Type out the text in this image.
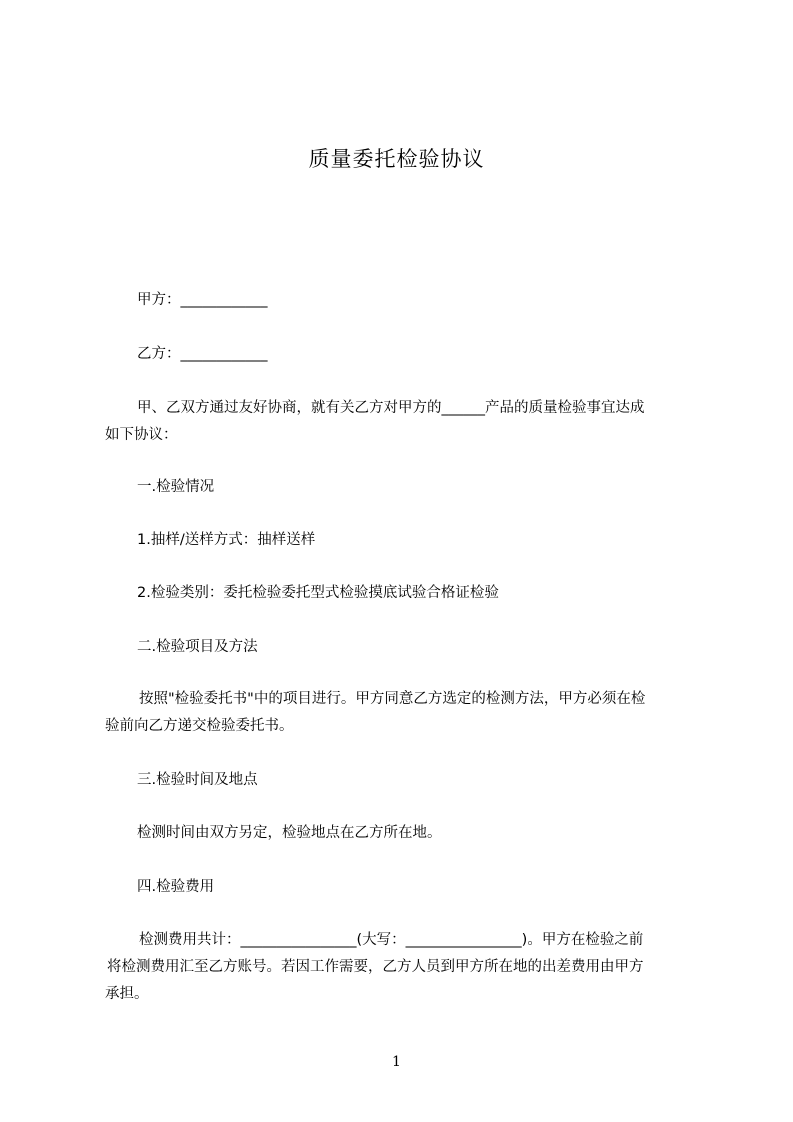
质量委托检验协议
甲方：____________
乙方：____________
甲、乙双方通过友好协商，就有关乙方对甲方的______产品的质量检验事宜达成
如下协议：
一.检验情况
1.抽样/送样方式：抽样送样
2.检验类别：委托检验委托型式检验摸底试验合格证检验
二.检验项目及方法
按照"检验委托书"中的项目进行。甲方同意乙方选定的检测方法，甲方必须在检
验前向乙方递交检验委托书。
三.检验时间及地点
检测时间由双方另定，检验地点在乙方所在地。
四.检验费用
检测费用共计：________________(大写：________________)。甲方在检验之前
将检测费用汇至乙方账号。若因工作需要，乙方人员到甲方所在地的出差费用由甲方
承担。
1
